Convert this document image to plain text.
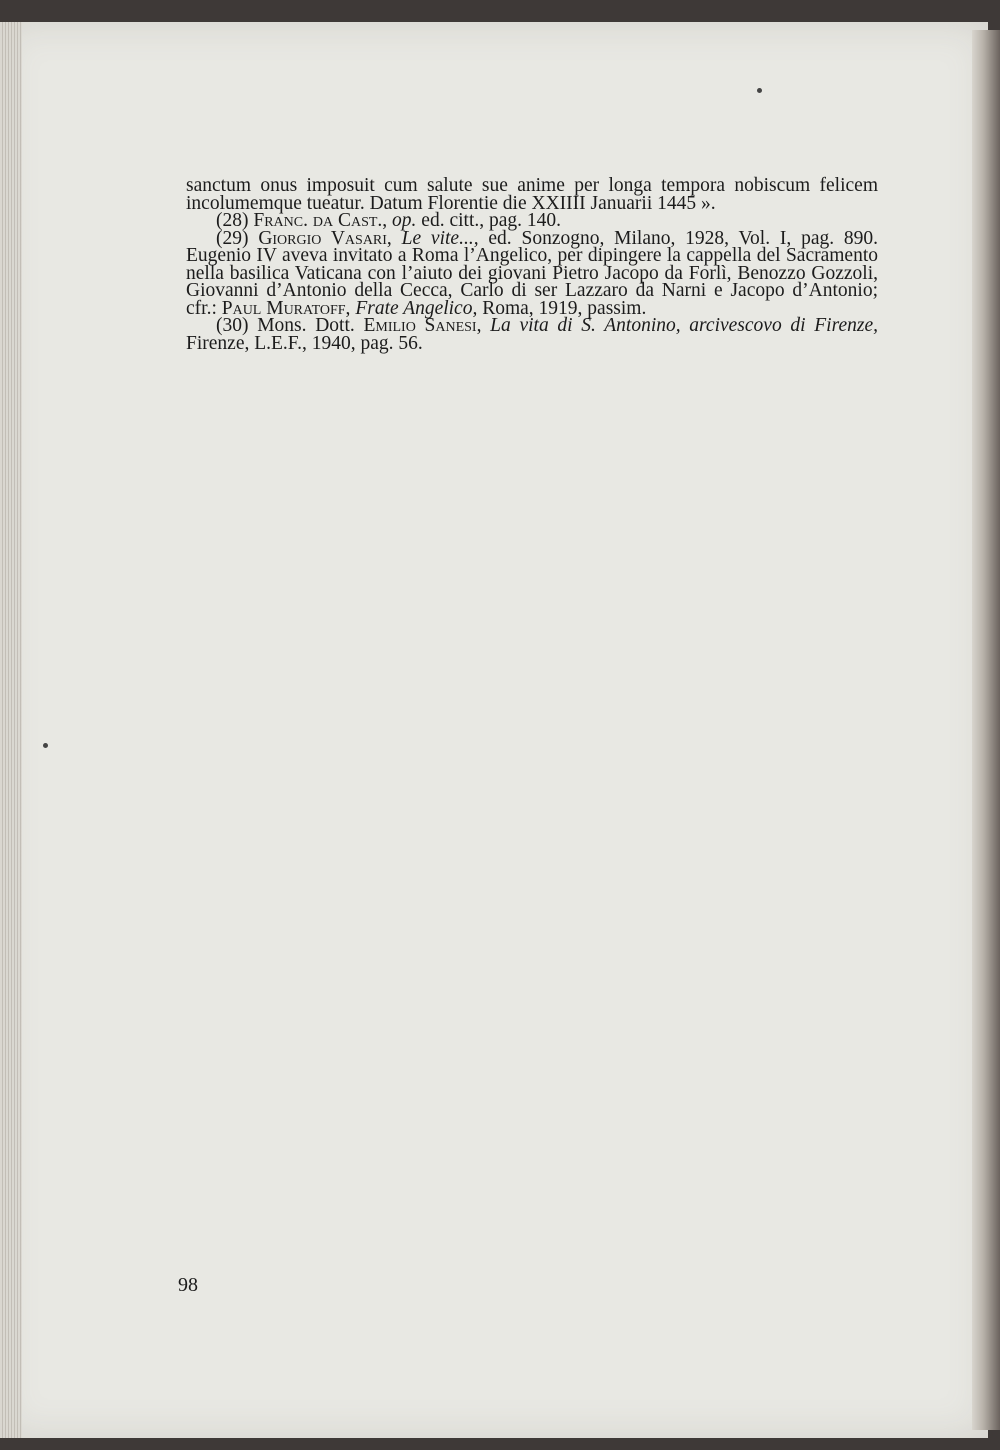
sanctum onus imposuit cum salute sue anime per longa tempora nobiscum felicem incolumemque tueatur. Datum Florentie die XXIIII Januarii 1445 ».

(28) Franc. da Cast., op. ed. citt., pag. 140.

(29) Giorgio Vasari, Le vite..., ed. Sonzogno, Milano, 1928, Vol. I, pag. 890. Eugenio IV aveva invitato a Roma l’Angelico, per dipingere la cappella del Sacramento nella basilica Vaticana con l’aiuto dei giovani Pietro Jacopo da Forlì, Benozzo Gozzoli, Giovanni d’Antonio della Cecca, Carlo di ser Lazzaro da Narni e Jacopo d’Antonio; cfr.: Paul Muratoff, Frate Angelico, Roma, 1919, passim.

(30) Mons. Dott. Emilio Sanesi, La vita di S. Antonino, arcivescovo di Firenze, Firenze, L.E.F., 1940, pag. 56.

98
